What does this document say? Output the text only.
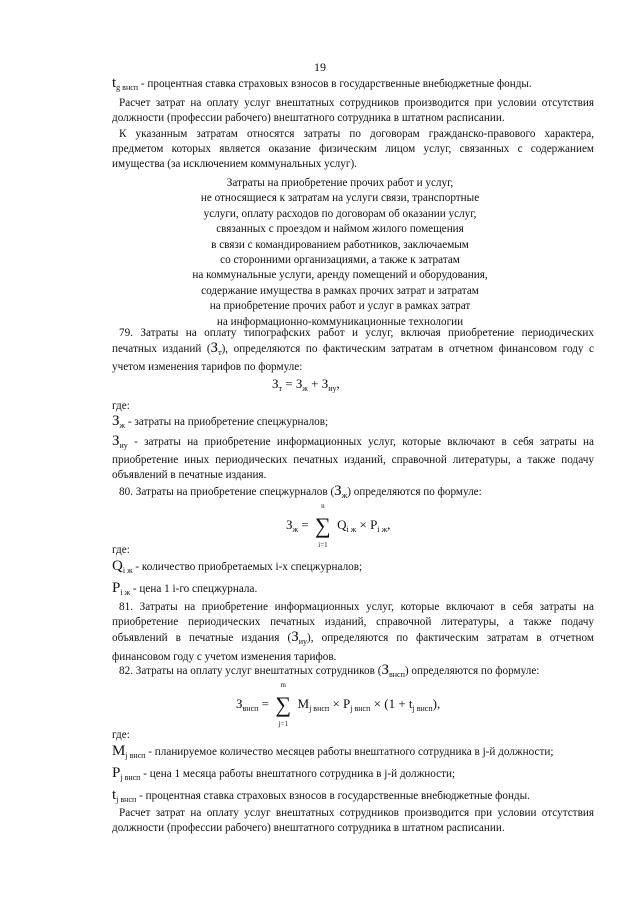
19
$t_{g внсп}$ - процентная ставка страховых взносов в государственные внебюджетные фонды.

Расчет затрат на оплату услуг внештатных сотрудников производится при условии отсутствия должности (профессии рабочего) внештатного сотрудника в штатном расписании.

К указанным затратам относятся затраты по договорам гражданско-правового характера, предметом которых является оказание физическим лицом услуг, связанных с содержанием имущества (за исключением коммунальных услуг).

Затраты на приобретение прочих работ и услуг,
не относящиеся к затратам на услуги связи, транспортные
услуги, оплату расходов по договорам об оказании услуг,
связанных с проездом и наймом жилого помещения
в связи с командированием работников, заключаемым
со сторонними организациями, а также к затратам
на коммунальные услуги, аренду помещений и оборудования,
содержание имущества в рамках прочих затрат и затратам
на приобретение прочих работ и услуг в рамках затрат
на информационно-коммуникационные технологии

79. Затраты на оплату типографских работ и услуг, включая приобретение периодических печатных изданий $(З_т)$, определяются по фактическим затратам в отчетном финансовом году с учетом изменения тарифов по формуле:

$З_т = З_ж + З_{иу}$,
где:
$З_ж$ - затраты на приобретение спецжурналов;

$З_{иу}$ - затраты на приобретение информационных услуг, которые включают в себя затраты на приобретение иных периодических печатных изданий, справочной литературы, а также подачу объявлений в печатные издания.

80. Затраты на приобретение спецжурналов $(З_ж)$ определяются по формуле:

$З_ж$ =
n
∑
i=1
$Q_{i ж} \times P_{i ж}$,
где:
$Q_{i ж}$ - количество приобретаемых i-х спецжурналов;
$P_{i ж}$ - цена 1 i-го спецжурнала.

81. Затраты на приобретение информационных услуг, которые включают в себя затраты на приобретение периодических печатных изданий, справочной литературы, а также подачу объявлений в печатные издания $(З_{иу})$, определяются по фактическим затратам в отчетном финансовом году с учетом изменения тарифов.

82. Затраты на оплату услуг внештатных сотрудников $(З_{внсп})$ определяются по формуле:

$З_{внсп}$ =
m
∑
j=1
$M_{j внсп} \times P_{j внсп} \times (1 + t_{j внсп})$,
где:
$M_{j внсп}$ - планируемое количество месяцев работы внештатного сотрудника в j-й должности;
$P_{j внсп}$ - цена 1 месяца работы внештатного сотрудника в j-й должности;
$t_{j внсп}$ - процентная ставка страховых взносов в государственные внебюджетные фонды.

Расчет затрат на оплату услуг внештатных сотрудников производится при условии отсутствия должности (профессии рабочего) внештатного сотрудника в штатном расписании.
